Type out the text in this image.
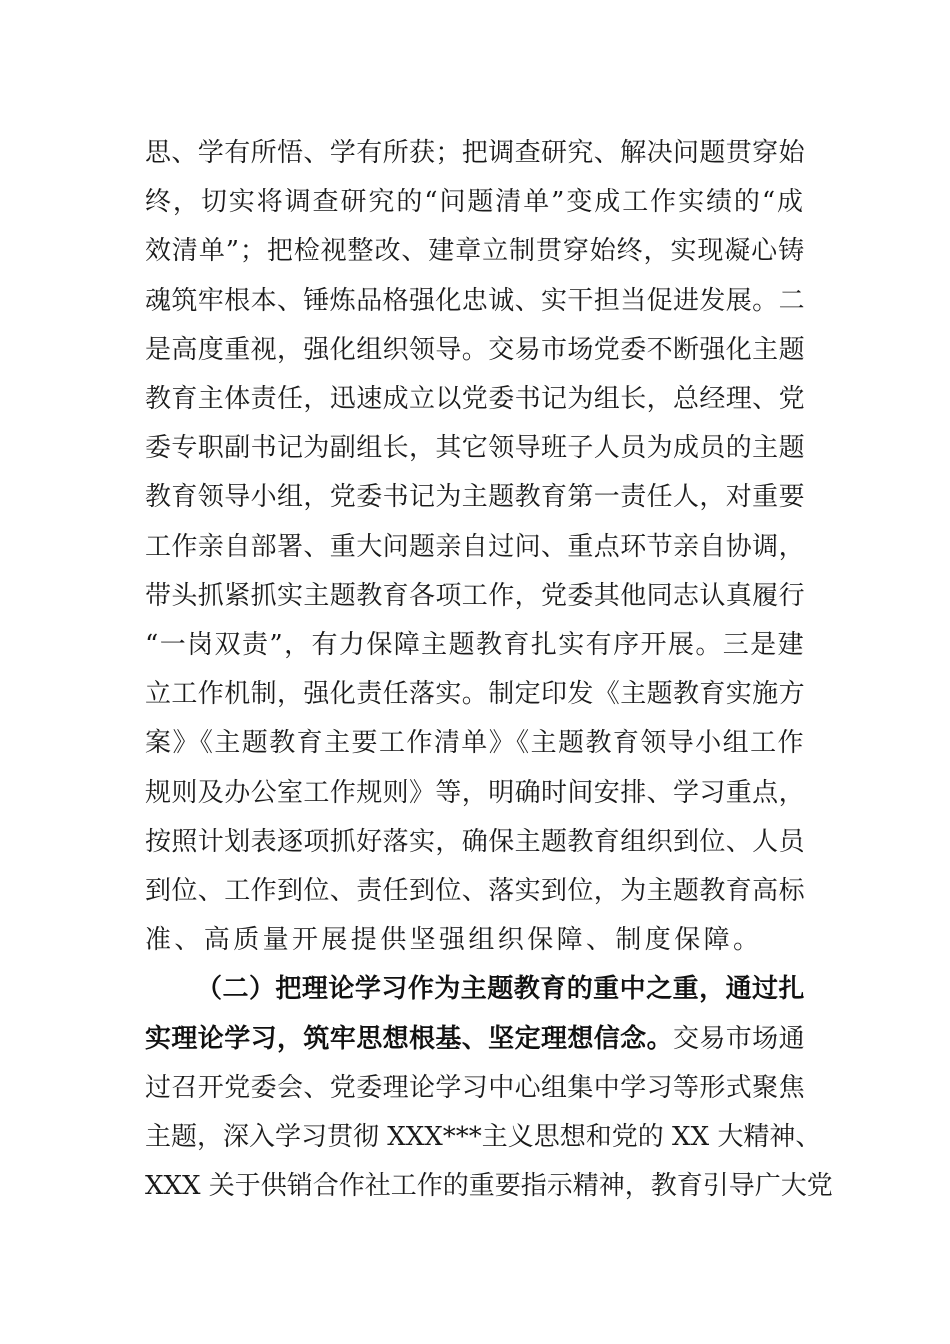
思、学有所悟、学有所获；把调查研究、解决问题贯穿始
终，切实将调查研究的“问题清单”变成工作实绩的“成
效清单”；把检视整改、建章立制贯穿始终，实现凝心铸
魂筑牢根本、锤炼品格强化忠诚、实干担当促进发展。二
是高度重视，强化组织领导。交易市场党委不断强化主题
教育主体责任，迅速成立以党委书记为组长，总经理、党
委专职副书记为副组长，其它领导班子人员为成员的主题
教育领导小组，党委书记为主题教育第一责任人，对重要
工作亲自部署、重大问题亲自过问、重点环节亲自协调，
带头抓紧抓实主题教育各项工作，党委其他同志认真履行
“一岗双责”，有力保障主题教育扎实有序开展。三是建
立工作机制，强化责任落实。制定印发《主题教育实施方
案》《主题教育主要工作清单》《主题教育领导小组工作
规则及办公室工作规则》等，明确时间安排、学习重点，
按照计划表逐项抓好落实，确保主题教育组织到位、人员
到位、工作到位、责任到位、落实到位，为主题教育高标
准、高质量开展提供坚强组织保障、制度保障。
（二）把理论学习作为主题教育的重中之重，通过扎
实理论学习，筑牢思想根基、坚定理想信念。交易市场通
过召开党委会、党委理论学习中心组集中学习等形式聚焦
主题，深入学习贯彻 XXX***主义思想和党的 XX 大精神、
XXX 关于供销合作社工作的重要指示精神，教育引导广大党
